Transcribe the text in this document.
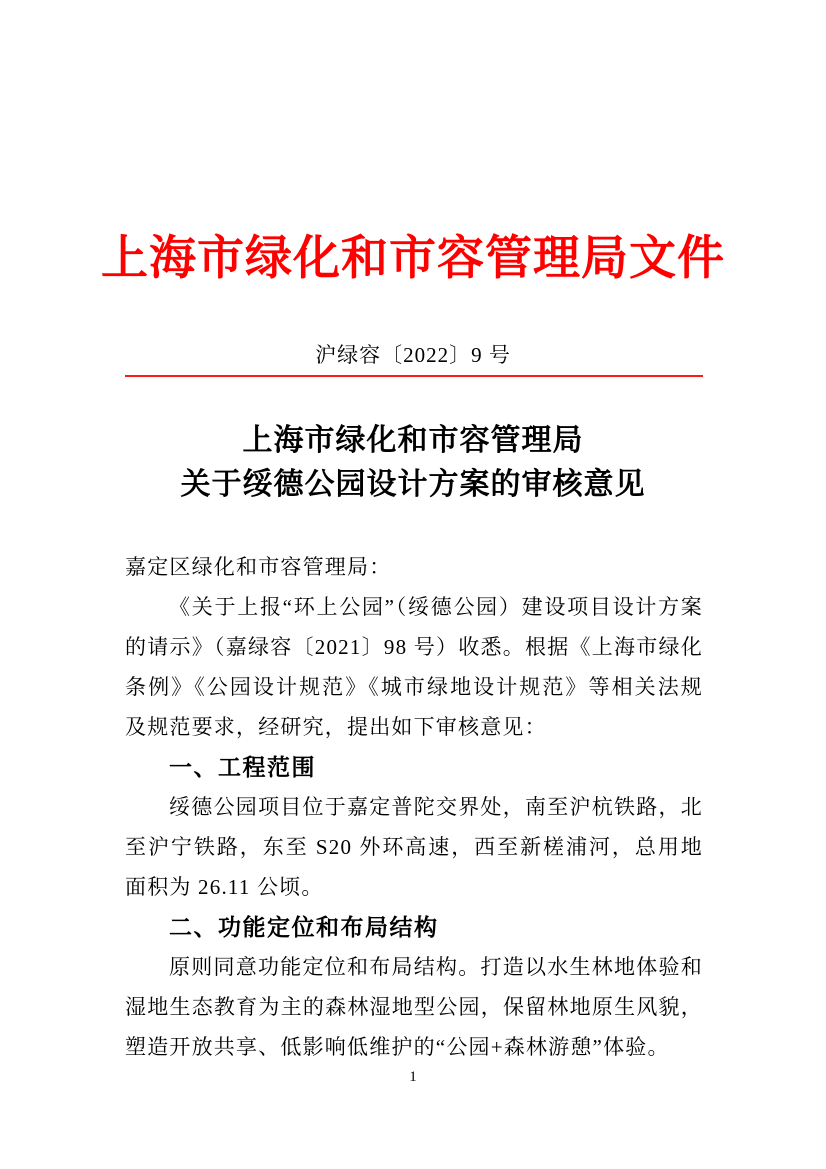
上海市绿化和市容管理局文件
沪绿容〔2022〕9 号
上海市绿化和市容管理局
关于绥德公园设计方案的审核意见

嘉定区绿化和市容管理局：

《关于上报“环上公园”（绥德公园）建设项目设计方案的请示》（嘉绿容〔2021〕98 号）收悉。根据《上海市绿化条例》《公园设计规范》《城市绿地设计规范》等相关法规及规范要求，经研究，提出如下审核意见：

一、工程范围

绥德公园项目位于嘉定普陀交界处，南至沪杭铁路，北至沪宁铁路，东至 S20 外环高速，西至新槎浦河，总用地面积为 26.11 公顷。

二、功能定位和布局结构

原则同意功能定位和布局结构。打造以水生林地体验和湿地生态教育为主的森林湿地型公园，保留林地原生风貌，塑造开放共享、低影响低维护的“公园+森林游憩”体验。

1
